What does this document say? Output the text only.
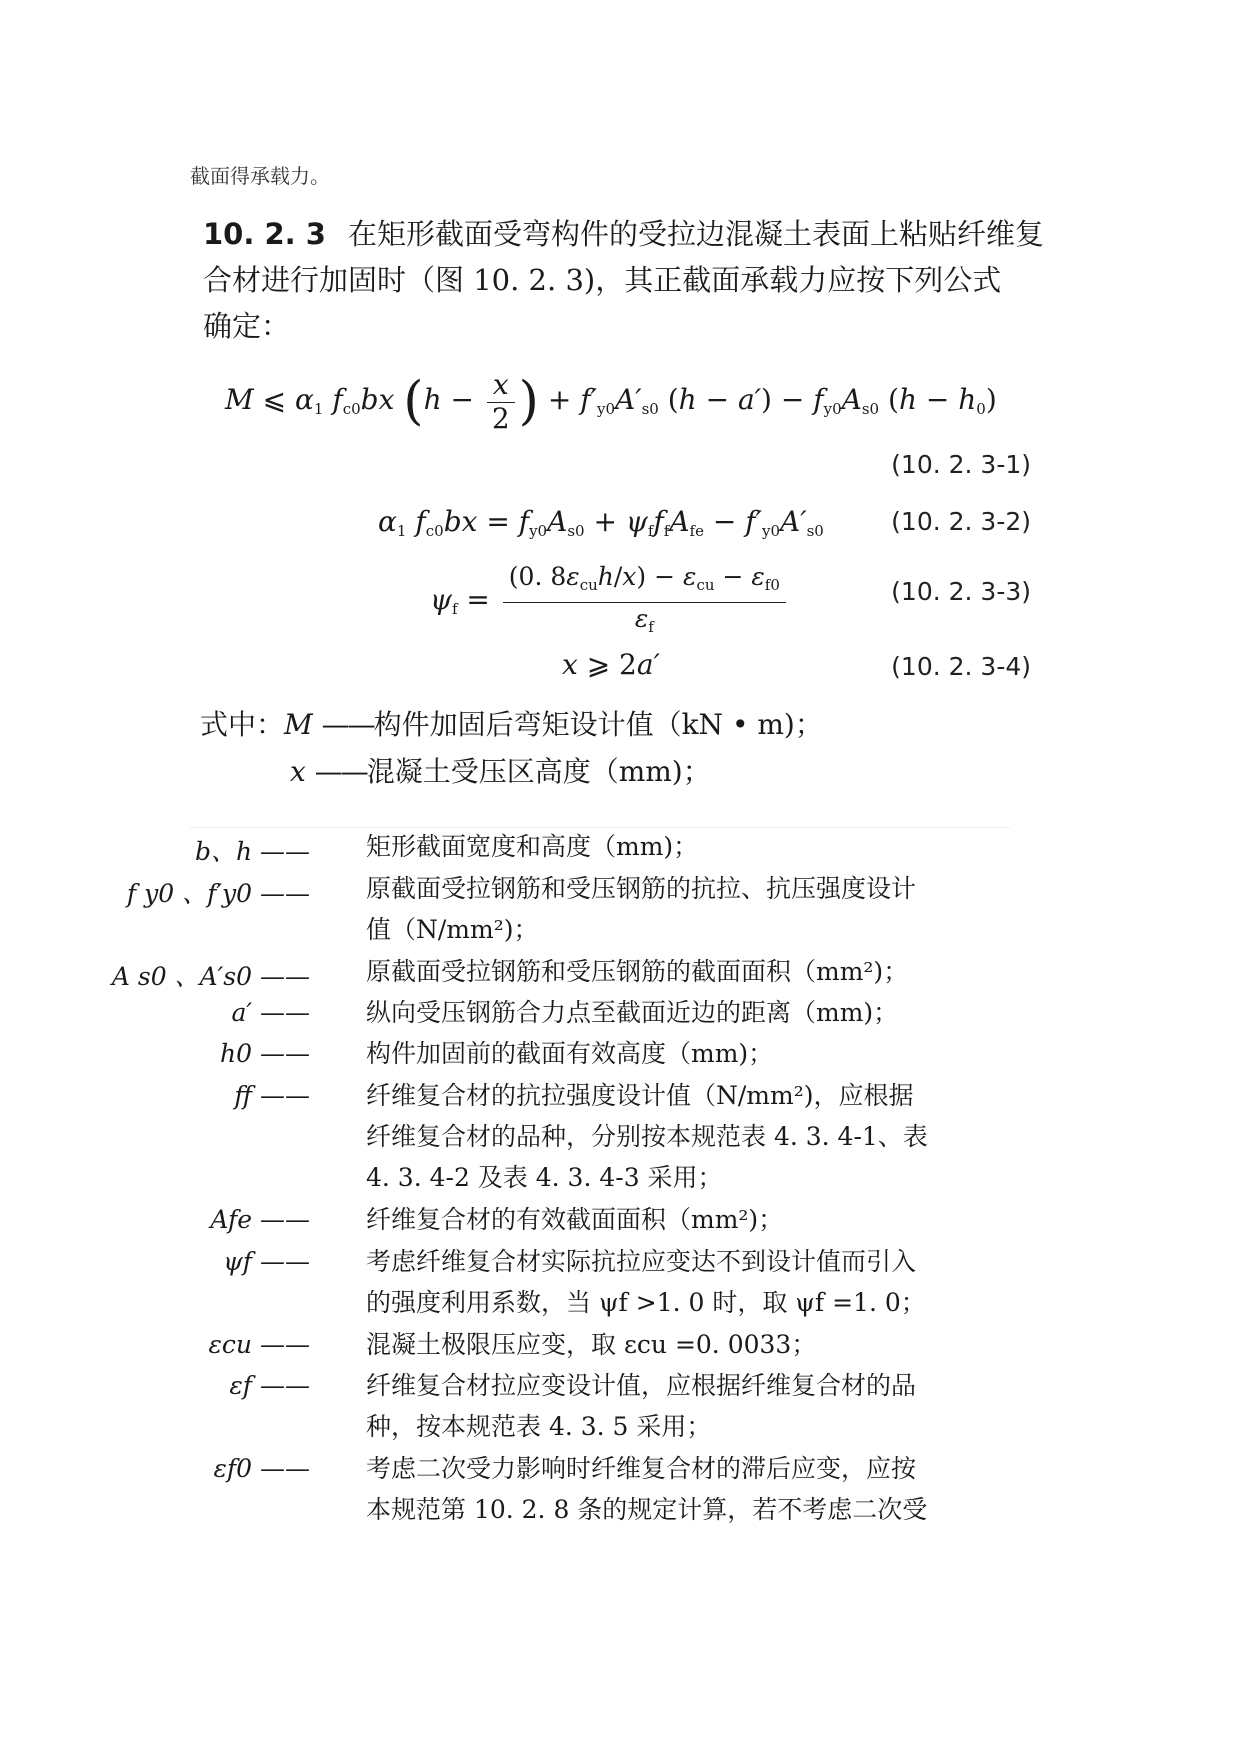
截面得承载力。
10. 2. 3 在矩形截面受弯构件的受拉边混凝土表面上粘贴纤维复
合材进行加固时（图 10. 2. 3)，其正截面承载力应按下列公式
确定：
M ⩽ $\alpha_1$ $f_{c0}bx$ ($h - \frac{x}{2}$ ) + $f'_{y0}A'_{s0}$ $(h - a') - f_{y0}A_{s0}$ $(h - h_0)$
(10. 2. 3-1)
$\alpha_1$ $f_{c0}bx = f_{y0}A_{s0} + \psi_ff_fA_{fe} - f'_{y0}A'_{s0}$	(10. 2. 3-2)
$\psi_f = \frac{(0. 8\varepsilon_{cu}h/x) - \varepsilon_{cu} - \varepsilon_{f0}}{\varepsilon_f}$	(10. 2. 3-3)
x ⩾ 2a′	(10. 2. 3-4)
式中：M ——构件加固后弯矩设计值（kN • m)；
x ——混凝土受压区高度（mm)；
b、h —— 矩形截面宽度和高度（mm)；
f y0 、f′y0 —— 原截面受拉钢筋和受压钢筋的抗拉、抗压强度设计
值（N/mm²)；
A s0 、A′s0 —— 原截面受拉钢筋和受压钢筋的截面面积（mm²)；
a′ —— 纵向受压钢筋合力点至截面近边的距离（mm)；
h0 —— 构件加固前的截面有效高度（mm)；
ff —— 纤维复合材的抗拉强度设计值（N/mm²)，应根据
纤维复合材的品种，分别按本规范表 4. 3. 4-1、表
4. 3. 4-2 及表 4. 3. 4-3 采用；
Afe —— 纤维复合材的有效截面面积（mm²)；
ψf —— 考虑纤维复合材实际抗拉应变达不到设计值而引入
的强度利用系数，当 ψf >1. 0 时，取 ψf =1. 0；
εcu —— 混凝土极限压应变，取 εcu =0. 0033；
εf —— 纤维复合材拉应变设计值，应根据纤维复合材的品
种，按本规范表 4. 3. 5 采用；
εf0 —— 考虑二次受力影响时纤维复合材的滞后应变，应按
本规范第 10. 2. 8 条的规定计算，若不考虑二次受
